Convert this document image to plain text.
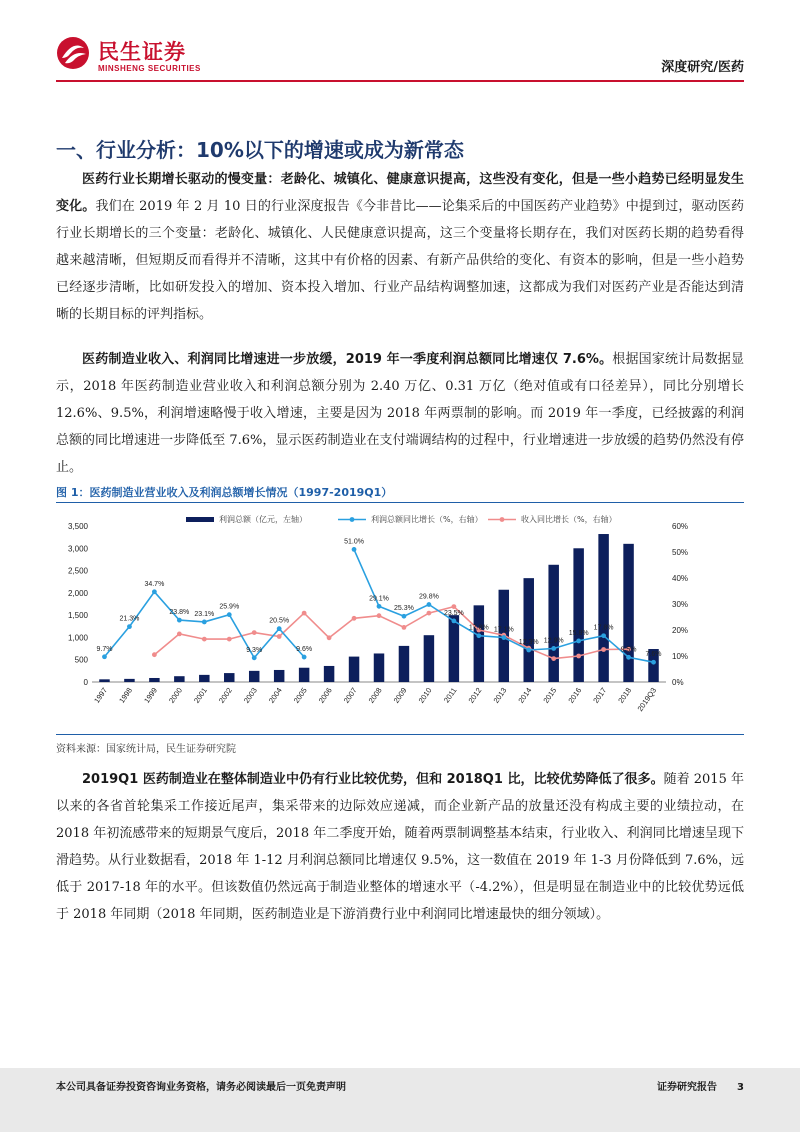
民生证券
MINSHENG SECURITIES	深度研究/医药
一、行业分析：10%以下的增速或成为新常态

医药行业长期增长驱动的慢变量：老龄化、城镇化、健康意识提高，这些没有变化，但是一些小趋势已经明显发生变化。我们在 2019 年 2 月 10 日的行业深度报告《今非昔比——论集采后的中国医药产业趋势》中提到过，驱动医药行业长期增长的三个变量：老龄化、城镇化、人民健康意识提高，这三个变量将长期存在，我们对医药长期的趋势看得越来越清晰，但短期反而看得并不清晰，这其中有价格的因素、有新产品供给的变化、有资本的影响，但是一些小趋势已经逐步清晰，比如研发投入的增加、资本投入增加、行业产品结构调整加速，这都成为我们对医药产业是否能达到清晰的长期目标的评判指标。

医药制造业收入、利润同比增速进一步放缓，2019 年一季度利润总额同比增速仅 7.6%。根据国家统计局数据显示，2018 年医药制造业营业收入和利润总额分别为 2.40 万亿、0.31 万亿（绝对值或有口径差异），同比分别增长 12.6%、9.5%，利润增速略慢于收入增速，主要是因为 2018 年两票制的影响。而 2019 年一季度，已经披露的利润总额的同比增速进一步降低至 7.6%，显示医药制造业在支付端调结构的过程中，行业增速进一步放缓的趋势仍然没有停止。

图 1：医药制造业营业收入及利润总额增长情况（1997-2019Q1）
0
500
1,000
1,500
2,000
2,500
3,000
3,500
0%
10%
20%
30%
40%
50%
60%
9.7%
21.3%
34.7%
23.8% 23.1%
25.9%
9.3%
20.5%
9.6%
51.0%
29.1%
25.3%
29.8%
23.5%
17.8% 17.1%
12.3% 12.9%
15.8%
17.8%
9.5%
7.6%
1997 1998 1999 2000 2001 2002 2003 2004 2005 2006 2007 2008 2009 2010 2011 2012 2013 2014 2015 2016 2017 2018 2019Q3
利润总额（亿元，左轴）	利润总额同比增长（%，右轴）	收入同比增长（%，右轴）
资料来源：国家统计局，民生证券研究院

2019Q1 医药制造业在整体制造业中仍有行业比较优势，但和 2018Q1 比，比较优势降低了很多。随着 2015 年以来的各省首轮集采工作接近尾声，集采带来的边际效应递减，而企业新产品的放量还没有构成主要的业绩拉动，在 2018 年初流感带来的短期景气度后，2018 年二季度开始，随着两票制调整基本结束，行业收入、利润同比增速呈现下滑趋势。从行业数据看，2018 年 1-12 月利润总额同比增速仅 9.5%，这一数值在 2019 年 1-3 月份降低到 7.6%，远低于 2017-18 年的水平。但该数值仍然远高于制造业整体的增速水平（-4.2%），但是明显在制造业中的比较优势远低于 2018 年同期（2018 年同期，医药制造业是下游消费行业中利润同比增速最快的细分领域）。

本公司具备证券投资咨询业务资格，请务必阅读最后一页免责声明	证券研究报告 3
